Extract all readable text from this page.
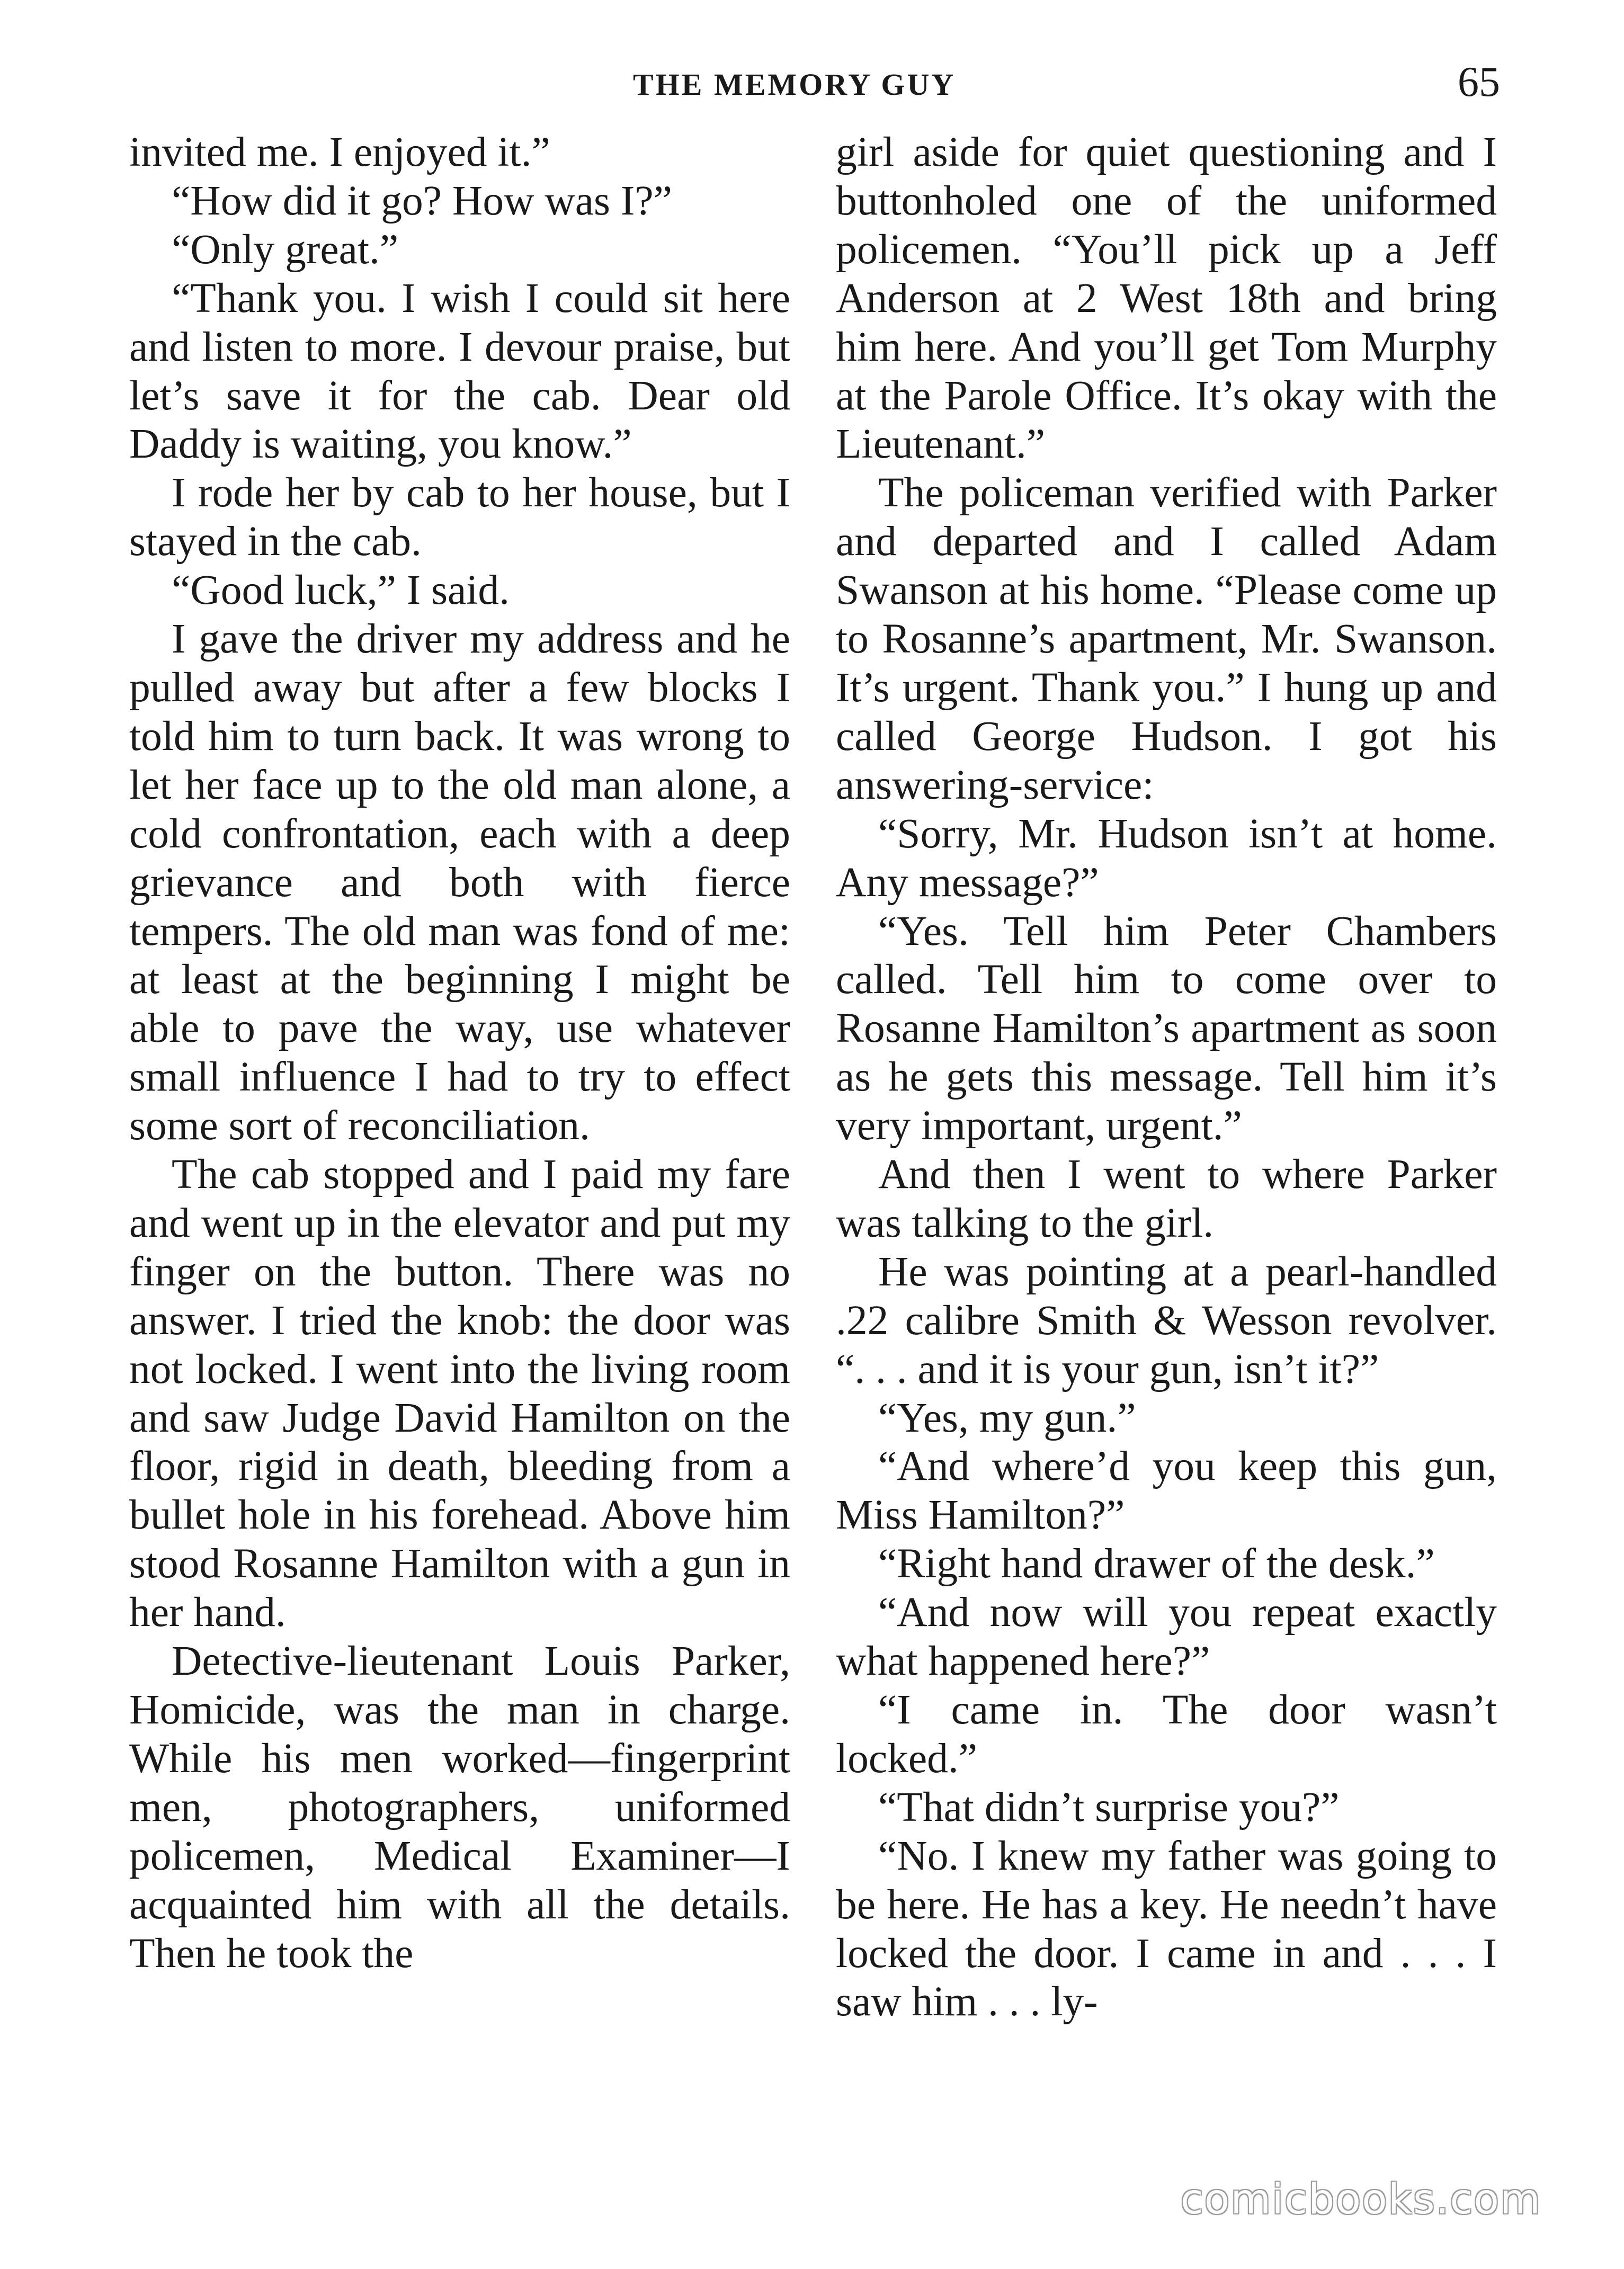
THE MEMORY GUY	65

invited me. I enjoyed it.”

“How did it go? How was I?”

“Only great.”

“Thank you. I wish I could sit here and listen to more. I devour praise, but let’s save it for the cab. Dear old Daddy is waiting, you know.”

I rode her by cab to her house, but I stayed in the cab.

“Good luck,” I said.

I gave the driver my address and he pulled away but after a few blocks I told him to turn back. It was wrong to let her face up to the old man alone, a cold confrontation, each with a deep grievance and both with fierce tempers. The old man was fond of me: at least at the beginning I might be able to pave the way, use whatever small influence I had to try to effect some sort of reconciliation.

The cab stopped and I paid my fare and went up in the elevator and put my finger on the button. There was no answer. I tried the knob: the door was not locked. I went into the living room and saw Judge David Hamilton on the floor, rigid in death, bleeding from a bullet hole in his forehead. Above him stood Rosanne Hamilton with a gun in her hand.

Detective-lieutenant Louis Parker, Homicide, was the man in charge. While his men worked—fingerprint men, photographers, uniformed policemen, Medical Examiner—I acquainted him with all the details. Then he took the

girl aside for quiet questioning and I buttonholed one of the uniformed policemen. “You’ll pick up a Jeff Anderson at 2 West 18th and bring him here. And you’ll get Tom Murphy at the Parole Office. It’s okay with the Lieutenant.”

The policeman verified with Parker and departed and I called Adam Swanson at his home. “Please come up to Rosanne’s apartment, Mr. Swanson. It’s urgent. Thank you.” I hung up and called George Hudson. I got his answering-service:

“Sorry, Mr. Hudson isn’t at home. Any message?”

“Yes. Tell him Peter Chambers called. Tell him to come over to Rosanne Hamilton’s apartment as soon as he gets this message. Tell him it’s very important, urgent.”

And then I went to where Parker was talking to the girl.

He was pointing at a pearl-handled .22 calibre Smith & Wesson revolver. “. . . and it is your gun, isn’t it?”

“Yes, my gun.”

“And where’d you keep this gun, Miss Hamilton?”

“Right hand drawer of the desk.”

“And now will you repeat exactly what happened here?”

“I came in. The door wasn’t locked.”

“That didn’t surprise you?”

“No. I knew my father was going to be here. He has a key. He needn’t have locked the door. I came in and . . . I saw him . . . ly-

comicbooks.com
